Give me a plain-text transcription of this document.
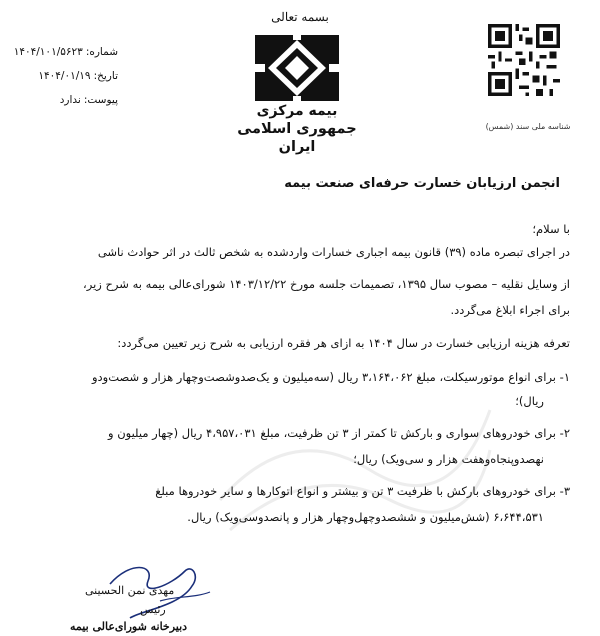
بسمه تعالی
شماره:
۱۴۰۴/۱۰۱/۵۶۲۳
تاریخ:
۱۴۰۴/۰۱/۱۹
پیوست:
ندارد
بیمه مرکزی
جمهوری اسلامی ایران
شناسه ملی سند (شمس)
انجمن ارزیابان خسارت حرفه‌ای صنعت بیمه
با سلام؛
در اجرای تبصره ماده (۳۹) قانون بیمه اجباری خسارات واردشده به شخص ثالث در اثر حوادث ناشی
از وسایل نقلیه – مصوب سال ۱۳۹۵، تصمیمات جلسه مورخ ۱۴۰۳/۱۲/۲۲ شورای‌عالی بیمه به شرح زیر،
برای اجراء ابلاغ می‌گردد.
تعرفه هزینه ارزیابی خسارت در سال ۱۴۰۴ به ازای هر فقره ارزیابی به شرح زیر تعیین می‌گردد:
۱- برای انواع موتورسیکلت، مبلغ ۳،۱۶۴،۰۶۲ ریال (سه‌میلیون و یک‌صدوشصت‌وچهار هزار و شصت‌ودو
ریال)؛
۲- برای خودروهای سواری و بارکش تا کمتر از ۳ تن ظرفیت، مبلغ ۴،۹۵۷،۰۳۱ ریال (چهار میلیون و
نهصدوپنجاه‌وهفت هزار و سی‌ویک) ریال؛
۳- برای خودروهای بارکش با ظرفیت ۳ تن و بیشتر و انواع اتوکارها و سایر خودروها مبلغ
۶،۶۴۴،۵۳۱ (شش‌میلیون و ششصدوچهل‌وچهار هزار و پانصدوسی‌ویک) ریال.
مهدی نمن الحسینی
رئیس
دبیرخانه شورای‌عالی بیمه
